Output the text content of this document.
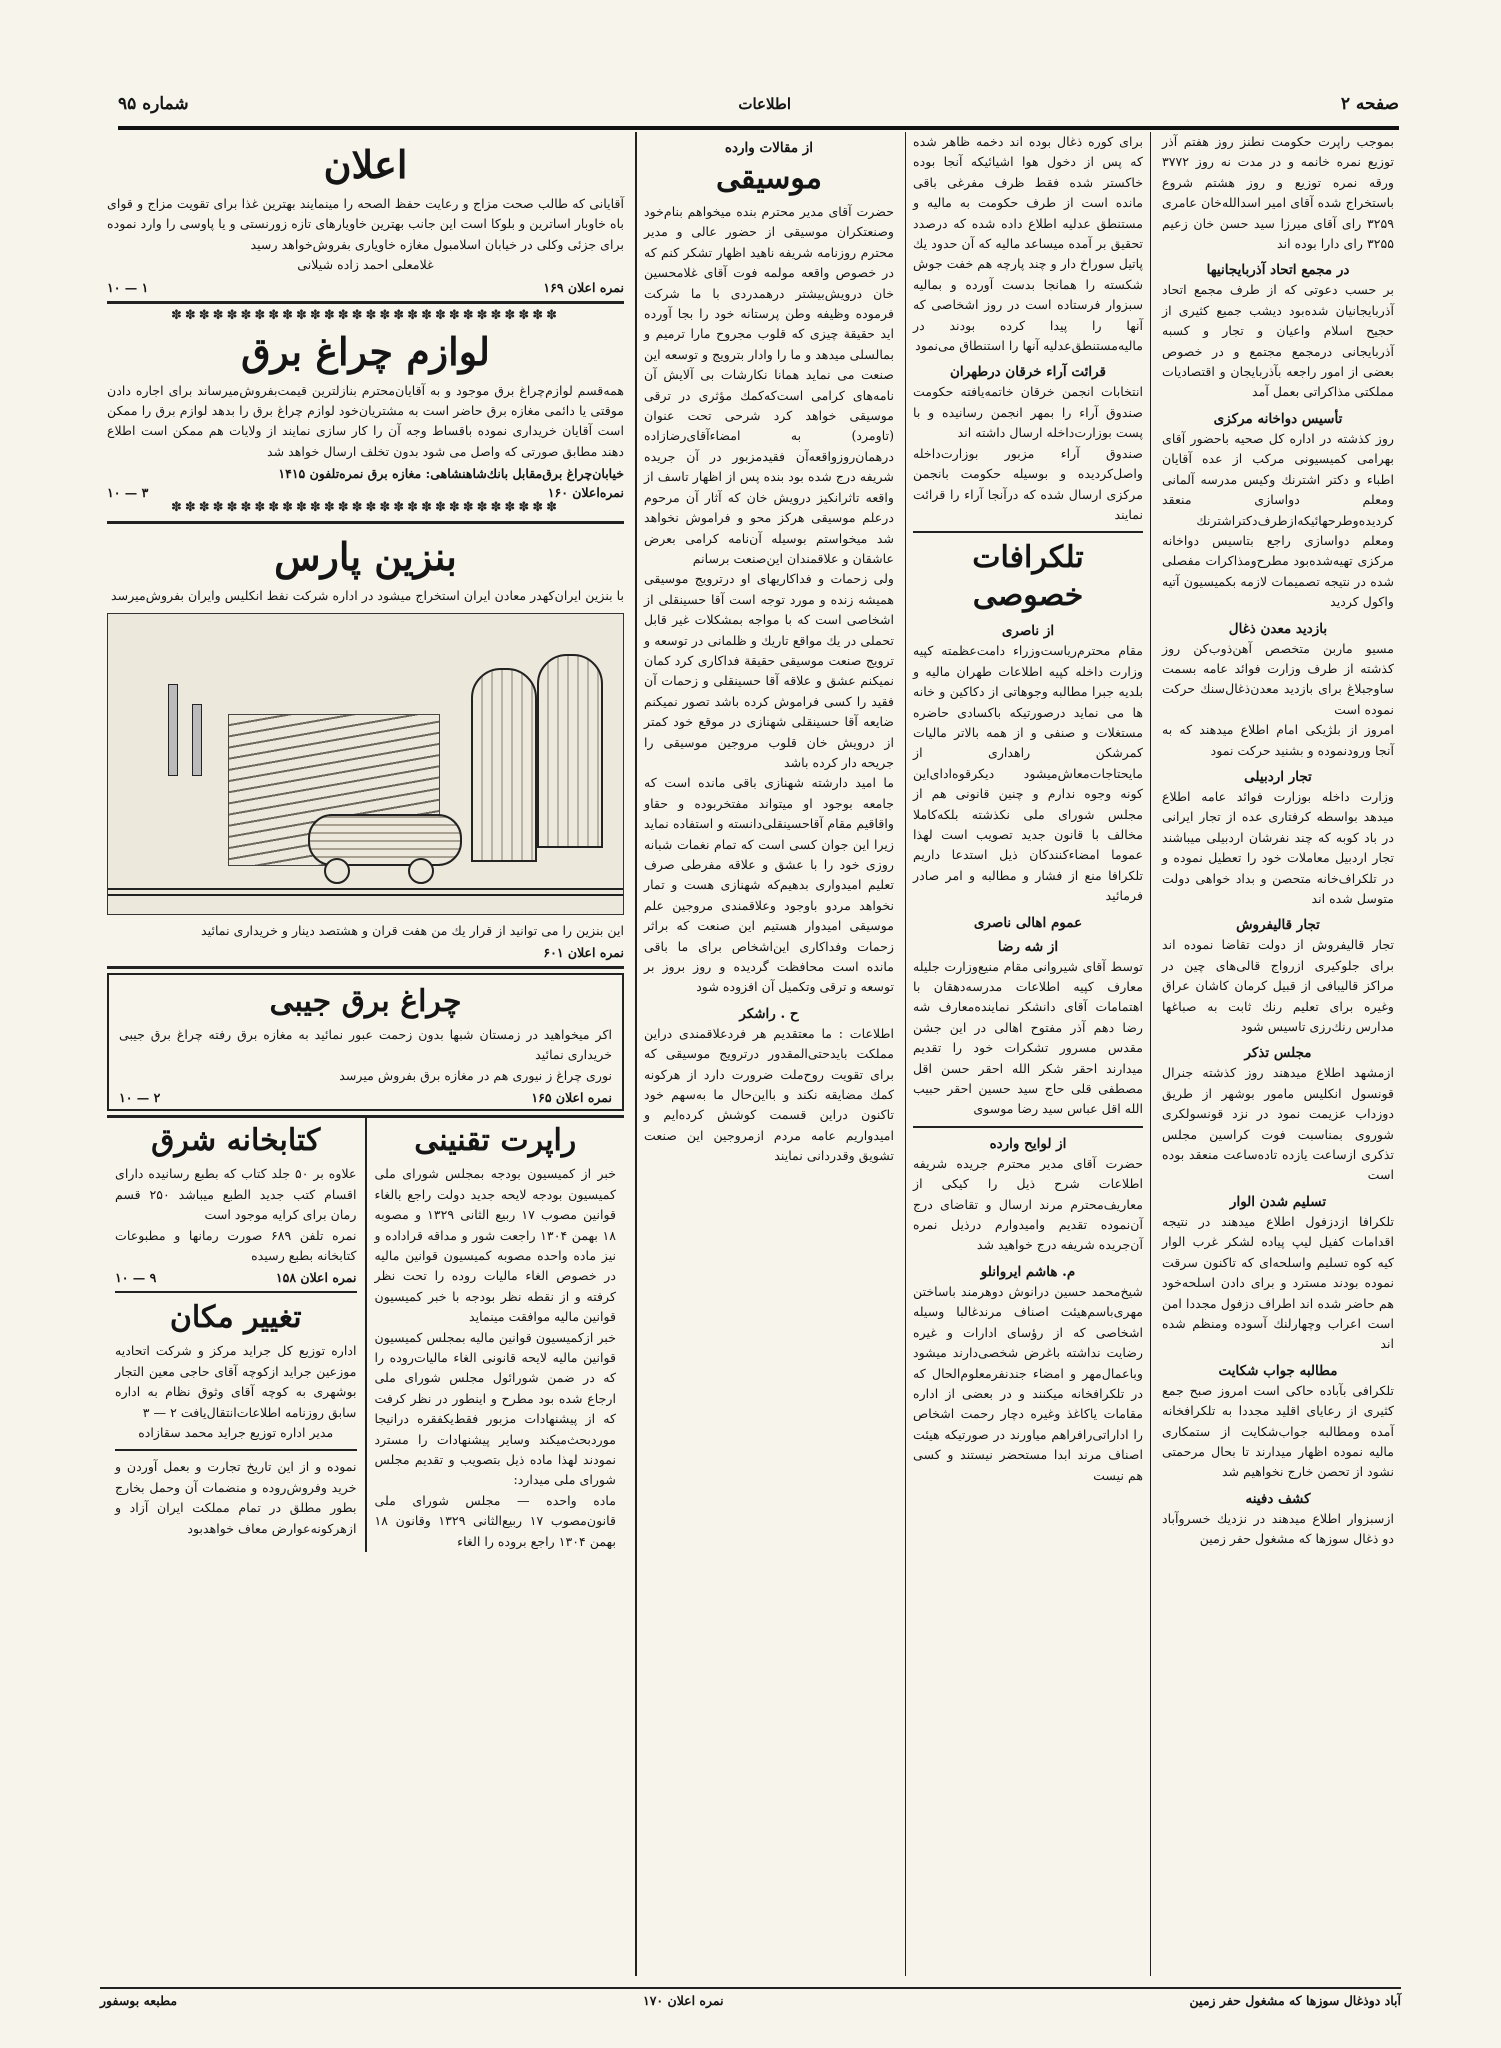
صفحه ۲
اطلاعات
شماره ۹۵

بموجب راپرت حکومت نطنز روز هفتم آذر توزیع نمره خانمه و در مدت نه روز ۳۷۷۲ ورقه نمره توزیع و روز هشتم شروع باستخراج شده آقای امیر اسدالله‌خان عامری ۳۲۵۹ رای آقای میرزا سید حسن خان زعیم ۳۲۵۵ رای دارا بوده اند

در مجمع اتحاد آذربایجانیها

بر حسب دعوتی که از طرف مجمع اتحاد آذربایجانیان شده‌بود دیشب جمیع کثیری از حجیح اسلام واعیان و تجار و کسبه آذربایجانی درمجمع مجتمع و در خصوص بعضی از امور راجعه بآذربایجان و اقتصادیات مملکتی مذاکراتی بعمل آمد

تأسیس دواخانه مرکزی

روز کذشته در اداره کل صحیه باحضور آقای بهرامی کمیسیونی مرکب از عده آقایان اطباء و دکتر اشترنك وکیس مدرسه آلمانی ومعلم دواسازی منعقد کردیده‌وطرحهائیکه‌ازطرف‌دکتراشترنك ومعلم دواسازی راجع بتاسیس دواخانه مرکزی تهیه‌شده‌بود مطرح‌ومذاکرات مفصلی شده در نتیجه تصمیمات لازمه بکمیسیون آتیه واکول کردید

بازدید معدن ذغال

مسیو ماربن متخصص آهن‌ذوب‌کن روز کذشته از طرف وزارت فوائد عامه بسمت ساوجبلاغ برای بازدید معدن‌ذغال‌سنك حرکت نموده است

امروز از بلژیکی امام اطلاع میدهند که به آنجا ورودنموده و بشنید حرکت نمود

تجار اردبیلی

وزارت داخله بوزارت فوائد عامه اطلاع میدهد بواسطه کرفتاری عده از تجار ایرانی در باد کوبه که چند نفرشان اردبیلی میباشند تجار اردبیل معاملات خود را تعطیل نموده و در تلکراف‌خانه متحصن و بداد خواهی دولت متوسل شده اند

تجار قالیفروش

تجار قالیفروش از دولت تقاضا نموده اند برای جلوکیری ازرواج قالی‌های چین در مراکز قالیبافی از قبیل کرمان کاشان عراق وغیره برای تعلیم رنك ثابت به صباغها مدارس رنك‌رزی تاسیس شود

مجلس تذکر

ازمشهد اطلاع میدهند روز کذشته جنرال قونسول انکلیس مامور بوشهر از طریق دوزداب عزیمت نمود در نزد قونسولکری شوروی بمناسبت فوت کراسین مجلس تذکری ازساعت یازده تاده‌ساعت منعقد بوده است

تسلیم شدن الوار

تلکرافا ازدزفول اطلاع میدهند در نتیجه اقدامات کفیل لیپ پیاده لشکر غرب الوار کیه کوه تسلیم واسلحه‌ای که تاکنون سرقت نموده بودند مسترد و برای دادن اسلحه‌خود هم حاضر شده اند اطراف دزفول مجددا امن است اعراب وچهارلنك آسوده ومنظم شده اند

مطالبه جواب شکایت

تلکرافی بآباده حاکی است امروز صبح جمع کثیری از رعایای اقلید مجددا به تلکرافخانه آمده ومطالبه جواب‌شکایت از ستمکاری مالیه نموده اظهار میدارند تا بحال مرحمتی نشود از تحصن خارج نخواهیم شد

کشف دفینه

ازسبزوار اطلاع میدهند در نزدیك خسروآباد دو ذغال سوزها که مشغول حفر زمین

برای کوره ذغال بوده اند دخمه ظاهر شده که پس از دخول هوا اشیائیکه آنجا بوده خاکستر شده فقط ظرف مفرغی باقی مانده است از طرف حکومت به مالیه و مستنطق عدلیه اطلاع داده شده که درصدد تحقیق بر آمده میساعد مالیه که آن حدود یك پاتیل سوراخ دار و چند پارچه هم خفت جوش شکسته را همانجا بدست آورده و بمالیه سبزوار فرستاده است در روز اشخاصی که آنها را پیدا کرده بودند در مالیه‌مستنطق‌عدلیه آنها را استنطاق می‌نمود

قرائت آراء خرقان درطهران

انتخابات انجمن خرقان خاتمه‌یافته حکومت صندوق آراء را بمهر انجمن رسانیده و با پست بوزارت‌داخله ارسال داشته اند

صندوق آراء مزبور بوزارت‌داخله واصل‌کردیده و بوسیله حکومت بانجمن مرکزی ارسال شده که درآنجا آراء را قرائت نمایند

تلکرافات خصوصی
از ناصری

مقام محترم‌ریاست‌وزراء دامت‌عظمته کپیه وزارت داخله کپیه اطلاعات طهران مالیه و بلدیه جبرا مطالبه وجوهاتی از دکاکین و خانه ها می نماید درصورتیکه باکسادی حاضره مستغلات و صنفی و از همه بالاتر مالیات کمرشکن راهداری از مایحتاجات‌معاش‌میشود دیکرقوه‌ادای‌این کونه وجوه ندارم و چنین قانونی هم از مجلس شورای ملی نکذشته بلکه‌کاملا مخالف با قانون جدید تصویب است لهذا عموما امضاءکنندکان ذیل استدعا داریم تلکرافا منع از فشار و مطالبه و امر صادر فرمائید

عموم اهالی ناصری
از شه رضا

توسط آقای شیروانی مقام منیع‌وزارت جلیله معارف کپیه اطلاعات مدرسه‌دهقان با اهتمامات آقای دانشکر نماینده‌معارف شه رضا دهم آذر مفتوح اهالی در این جشن مقدس مسرور تشکرات خود را تقدیم میدارند احقر شکر الله احقر حسن اقل مصطفی قلی حاج سید حسین احقر حبیب الله اقل عباس سید رضا موسوی

از لوایح وارده

حضرت آقای مدیر محترم جریده شریفه اطلاعات شرح ذیل را کیکی از معاریف‌محترم مرند ارسال و تقاضای درج آن‌نموده تقدیم وامیدوارم درذیل نمره آن‌جریده شریفه درج خواهید شد

م. هاشم ایروانلو

شیخ‌محمد حسین درانوش دوهرمند باساختن مهری‌باسم‌هیئت اصناف مرندغالبا وسیله اشخاصی که از رؤسای ادارات و غیره رضایت نداشته باغرض شخصی‌دارند میشود وباعمال‌مهر و امضاء جندنفرمعلوم‌الحال که در تلکرافخانه میکنند و در بعضی از اداره مقامات یاکاغذ وغیره دچار رحمت اشخاص را اداراتی‌رافراهم میاورند در صورتیکه هیئت اصناف مرند ابدا مستحضر نیستند و کسی هم نیست

از مقالات وارده
موسیقی

حضرت آقای مدیر محترم بنده میخواهم بنام‌خود وصنعتکران موسیقی از حضور عالی و مدیر محترم روزنامه شریفه ناهید اظهار تشکر کنم که در خصوص واقعه مولمه فوت آقای غلامحسین خان درویش‌بیشتر درهمدردی با ما شرکت فرموده وظیفه وطن پرستانه خود را بجا آورده اید حقیقة چیزی که قلوب مجروح مارا ترمیم و بمالسلی میدهد و ما را وادار بترویج و توسعه این صنعت می نماید همانا نکارشات بی آلایش آن نامه‌های کرامی است‌که‌کمك مؤثری در ترقی موسیقی خواهد کرد شرحی تحت عنوان (تاومرد) به امضاءآقای‌رضازاده درهمان‌روزواقعه‌آن فقیدمزبور در آن جریده شریفه درج شده بود بنده پس از اظهار تاسف از واقعه تاثرانکیز درویش خان که آثار آن مرحوم درعلم موسیقی هرکز محو و فراموش نخواهد شد میخواستم بوسیله آن‌نامه کرامی بعرض عاشقان و علاقمندان این‌صنعت برسانم

ولی زحمات و فداکاریهای او درترویج موسیقی همیشه زنده و مورد توجه است آقا حسینقلی از اشخاصی است که با مواجه بمشکلات غیر قابل تحملی در یك مواقع تاریك و ظلمانی در توسعه و ترویج صنعت موسیقی حقیقة فداکاری کرد کمان نمیکنم عشق و علاقه آقا حسینقلی و زحمات آن فقید را کسی فراموش کرده باشد تصور نمیکنم ضایعه آقا حسینقلی شهنازی در موقع خود کمتر از درویش خان قلوب مروجین موسیقی را جریحه دار کرده باشد

ما امید دارشته شهنازی باقی مانده است که جامعه بوجود او میتواند مفتخربوده و حقاو واقاقیم مقام آقاحسینقلی‌دانسته و استفاده نماید زیرا این جوان کسی است که تمام نغمات شبانه روزی خود را با عشق و علاقه مفرطی صرف تعلیم امیدواری بدهیم‌که شهنازی هست و تمار نخواهد مردو باوجود وعلاقمندی مروجین علم موسیقی امیدوار هستیم این صنعت که براثر زحمات وفداکاری این‌اشخاص برای ما باقی مانده است محافظت گردیده و روز بروز بر توسعه و ترقی وتکمیل آن افزوده شود

ح . راشکر

اطلاعات : ما معتقدیم هر فردعلاقمندی دراین مملکت بایدحتی‌المقدور درترویج موسیقی که برای تقویت روح‌ملت ضرورت دارد از هرکونه کمك مضایقه نکند و بااین‌حال ما به‌سهم خود تاکنون دراین قسمت کوشش کرده‌ایم و امیدواریم عامه مردم ازمروجین این صنعت تشویق وقدردانی نمایند

اعلان

آقایانی که طالب صحت مزاج و رعایت حفظ الصحه را مینمایند بهترین غذا برای تقویت مزاج و قوای باه خاوبار اساترین و بلوکا است این جانب بهترین خاویارهای تازه زورنستی و یا پاوسی را وارد نموده برای جزئی وکلی در خیابان اسلامبول مغازه خاویاری بفروش‌خواهد رسید

غلامعلی احمد زاده شیلانی
نمره اعلان ۱۶۹
۱ — ۱۰
✽✽✽✽✽✽✽✽✽✽✽✽✽✽✽✽✽✽✽✽✽✽✽✽✽✽✽✽
لوازم چراغ برق

همه‌قسم لوازم‌چراغ برق موجود و به آقایان‌محترم بنازلترین قیمت‌بفروش‌میرساند برای اجاره دادن موقتی یا دائمی مغازه برق حاضر است به مشتریان‌خود لوازم چراغ برق را بدهد لوازم برق را ممکن است آقایان خریداری نموده باقساط وجه آن را کار سازی نمایند از ولایات هم ممکن است اطلاع دهند مطابق صورتی که واصل می شود بدون تخلف ارسال خواهد شد

خیابان‌چراغ برق‌مقابل بانك‌شاهنشاهی: مغازه برق نمره‌تلفون ۱۴۱۵
نمره‌اعلان ۱۶۰
۳ — ۱۰
✽✽✽✽✽✽✽✽✽✽✽✽✽✽✽✽✽✽✽✽✽✽✽✽✽✽✽✽
بنزین پارس

با بنزین ایران‌کهدر معادن ایران استخراج میشود در اداره شرکت نفط انکلیس وایران بفروش‌میرسد

این بنزین را می توانید از قرار یك من هفت قران و هشتصد دینار و خریداری نمائید

نمره اعلان ۶۰۱
چراغ برق جیبی

اکر میخواهید در زمستان شبها بدون زحمت عبور نمائید به مغازه برق رفته چراغ برق جیبی خریداری نمائید

نوری چراغ ز نیوری هم در مغازه برق بفروش میرسد

نمره اعلان ۱۶۵
۲ — ۱۰
راپرت تقنینی

خبر از کمیسیون بودجه بمجلس شورای ملی کمیسیون بودجه لایحه جدید دولت راجع بالغاء قوانین مصوب ۱۷ ربیع الثانی ۱۳۲۹ و مصوبه ۱۸ بهمن ۱۳۰۴ راجعت شور و مداقه قراداده و نیز ماده واحده مصوبه کمیسیون قوانین مالیه در خصوص الغاء مالیات روده را تحت نظر کرفته و از نقطه نظر بودجه با خبر کمیسیون قوانین مالیه موافقت مینماید

خبر ازکمیسیون قوانین مالیه بمجلس کمیسیون قوانین مالیه لایحه قانونی الغاء مالیات‌روده را که در ضمن شورائول مجلس شورای ملی ارجاع شده بود مطرح و اینطور در نظر کرفت که از پیشنهادات مزبور فقط‌یکفقره درانیجا موردبحث‌میکند وسایر پیشنهادات را مسترد نمودند لهذا ماده‌ ذیل بتصویب و تقدیم مجلس شورای ملی میدارد:

ماده واحده — مجلس شورای ملی قانون‌مصوب ۱۷ ربیع‌الثانی ۱۳۲۹ وقانون ۱۸ بهمن ۱۳۰۴ راجع بروده را الغاء

کتابخانه شرق

علاوه بر ۵۰ جلد کتاب که بطبع رسانیده دارای اقسام کتب جدید الطبع میباشد ۲۵۰ قسم رمان برای کرایه موجود است

نمره تلفن ۶۸۹ صورت رمانها و مطبوعات کتابخانه بطبع رسیده

نمره اعلان ۱۵۸
۹ — ۱۰
تغییر مکان

اداره توزیع کل جراید مرکز و شرکت اتحادیه موزعین جراید ازکوچه آقای حاجی معین التجار بوشهری به کوچه آقای وثوق نظام به اداره سابق روزنامه اطلاعات‌انتقال‌یافت ۲ — ۳

مدیر اداره توزیع جراید محمد سقازاده

نموده و از این تاریخ تجارت و بعمل آوردن و خرید وفروش‌روده و منضمات آن وحمل بخارج بطور مطلق در تمام مملکت ایران آزاد و ازهرکونه‌عوارض معاف خواهدبود

آباد دوذغال سوزها که مشغول حفر زمین
نمره اعلان ۱۷۰
مطبعه بوسفور
